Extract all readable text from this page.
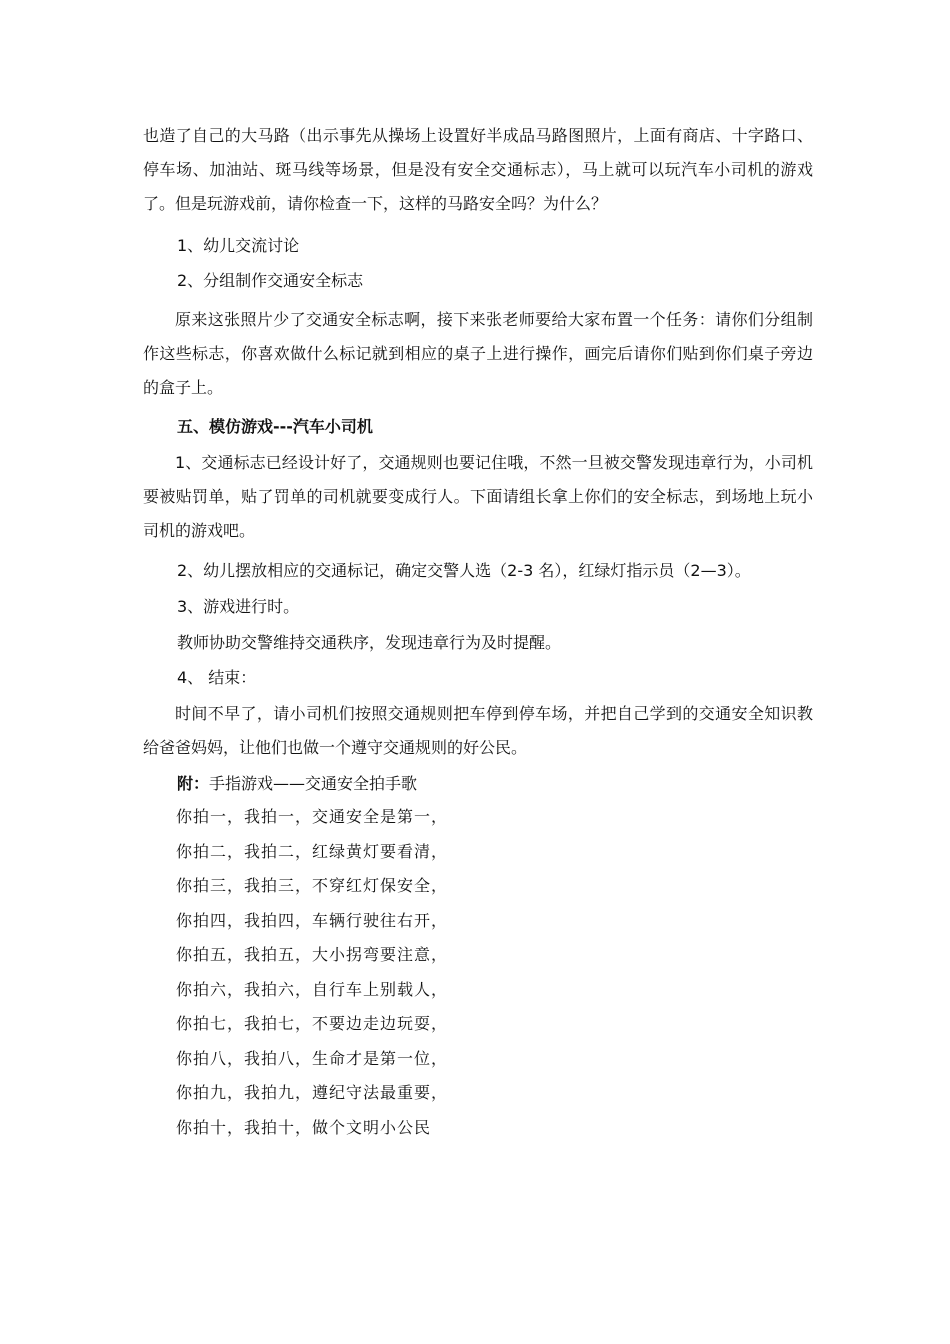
也造了自己的大马路（出示事先从操场上设置好半成品马路图照片，上面有商店、十字路口、停车场、加油站、斑马线等场景，但是没有安全交通标志），马上就可以玩汽车小司机的游戏了。但是玩游戏前，请你检查一下，这样的马路安全吗？为什么？

1、幼儿交流讨论

2、分组制作交通安全标志

原来这张照片少了交通安全标志啊，接下来张老师要给大家布置一个任务：请你们分组制作这些标志，你喜欢做什么标记就到相应的桌子上进行操作，画完后请你们贴到你们桌子旁边的盒子上。

五、模仿游戏---汽车小司机

1、交通标志已经设计好了，交通规则也要记住哦，不然一旦被交警发现违章行为，小司机要被贴罚单，贴了罚单的司机就要变成行人。下面请组长拿上你们的安全标志，到场地上玩小司机的游戏吧。

2、幼儿摆放相应的交通标记，确定交警人选（2-3 名），红绿灯指示员（2—3）。

3、游戏进行时。

教师协助交警维持交通秩序，发现违章行为及时提醒。

4、 结束：

时间不早了，请小司机们按照交通规则把车停到停车场，并把自己学到的交通安全知识教给爸爸妈妈，让他们也做一个遵守交通规则的好公民。

附：手指游戏——交通安全拍手歌

你拍一，我拍一，交通安全是第一，
你拍二，我拍二，红绿黄灯要看清，
你拍三，我拍三，不穿红灯保安全，
你拍四，我拍四，车辆行驶往右开，
你拍五，我拍五，大小拐弯要注意，
你拍六，我拍六，自行车上别载人，
你拍七，我拍七，不要边走边玩耍，
你拍八，我拍八，生命才是第一位，
你拍九，我拍九，遵纪守法最重要，
你拍十，我拍十，做个文明小公民
